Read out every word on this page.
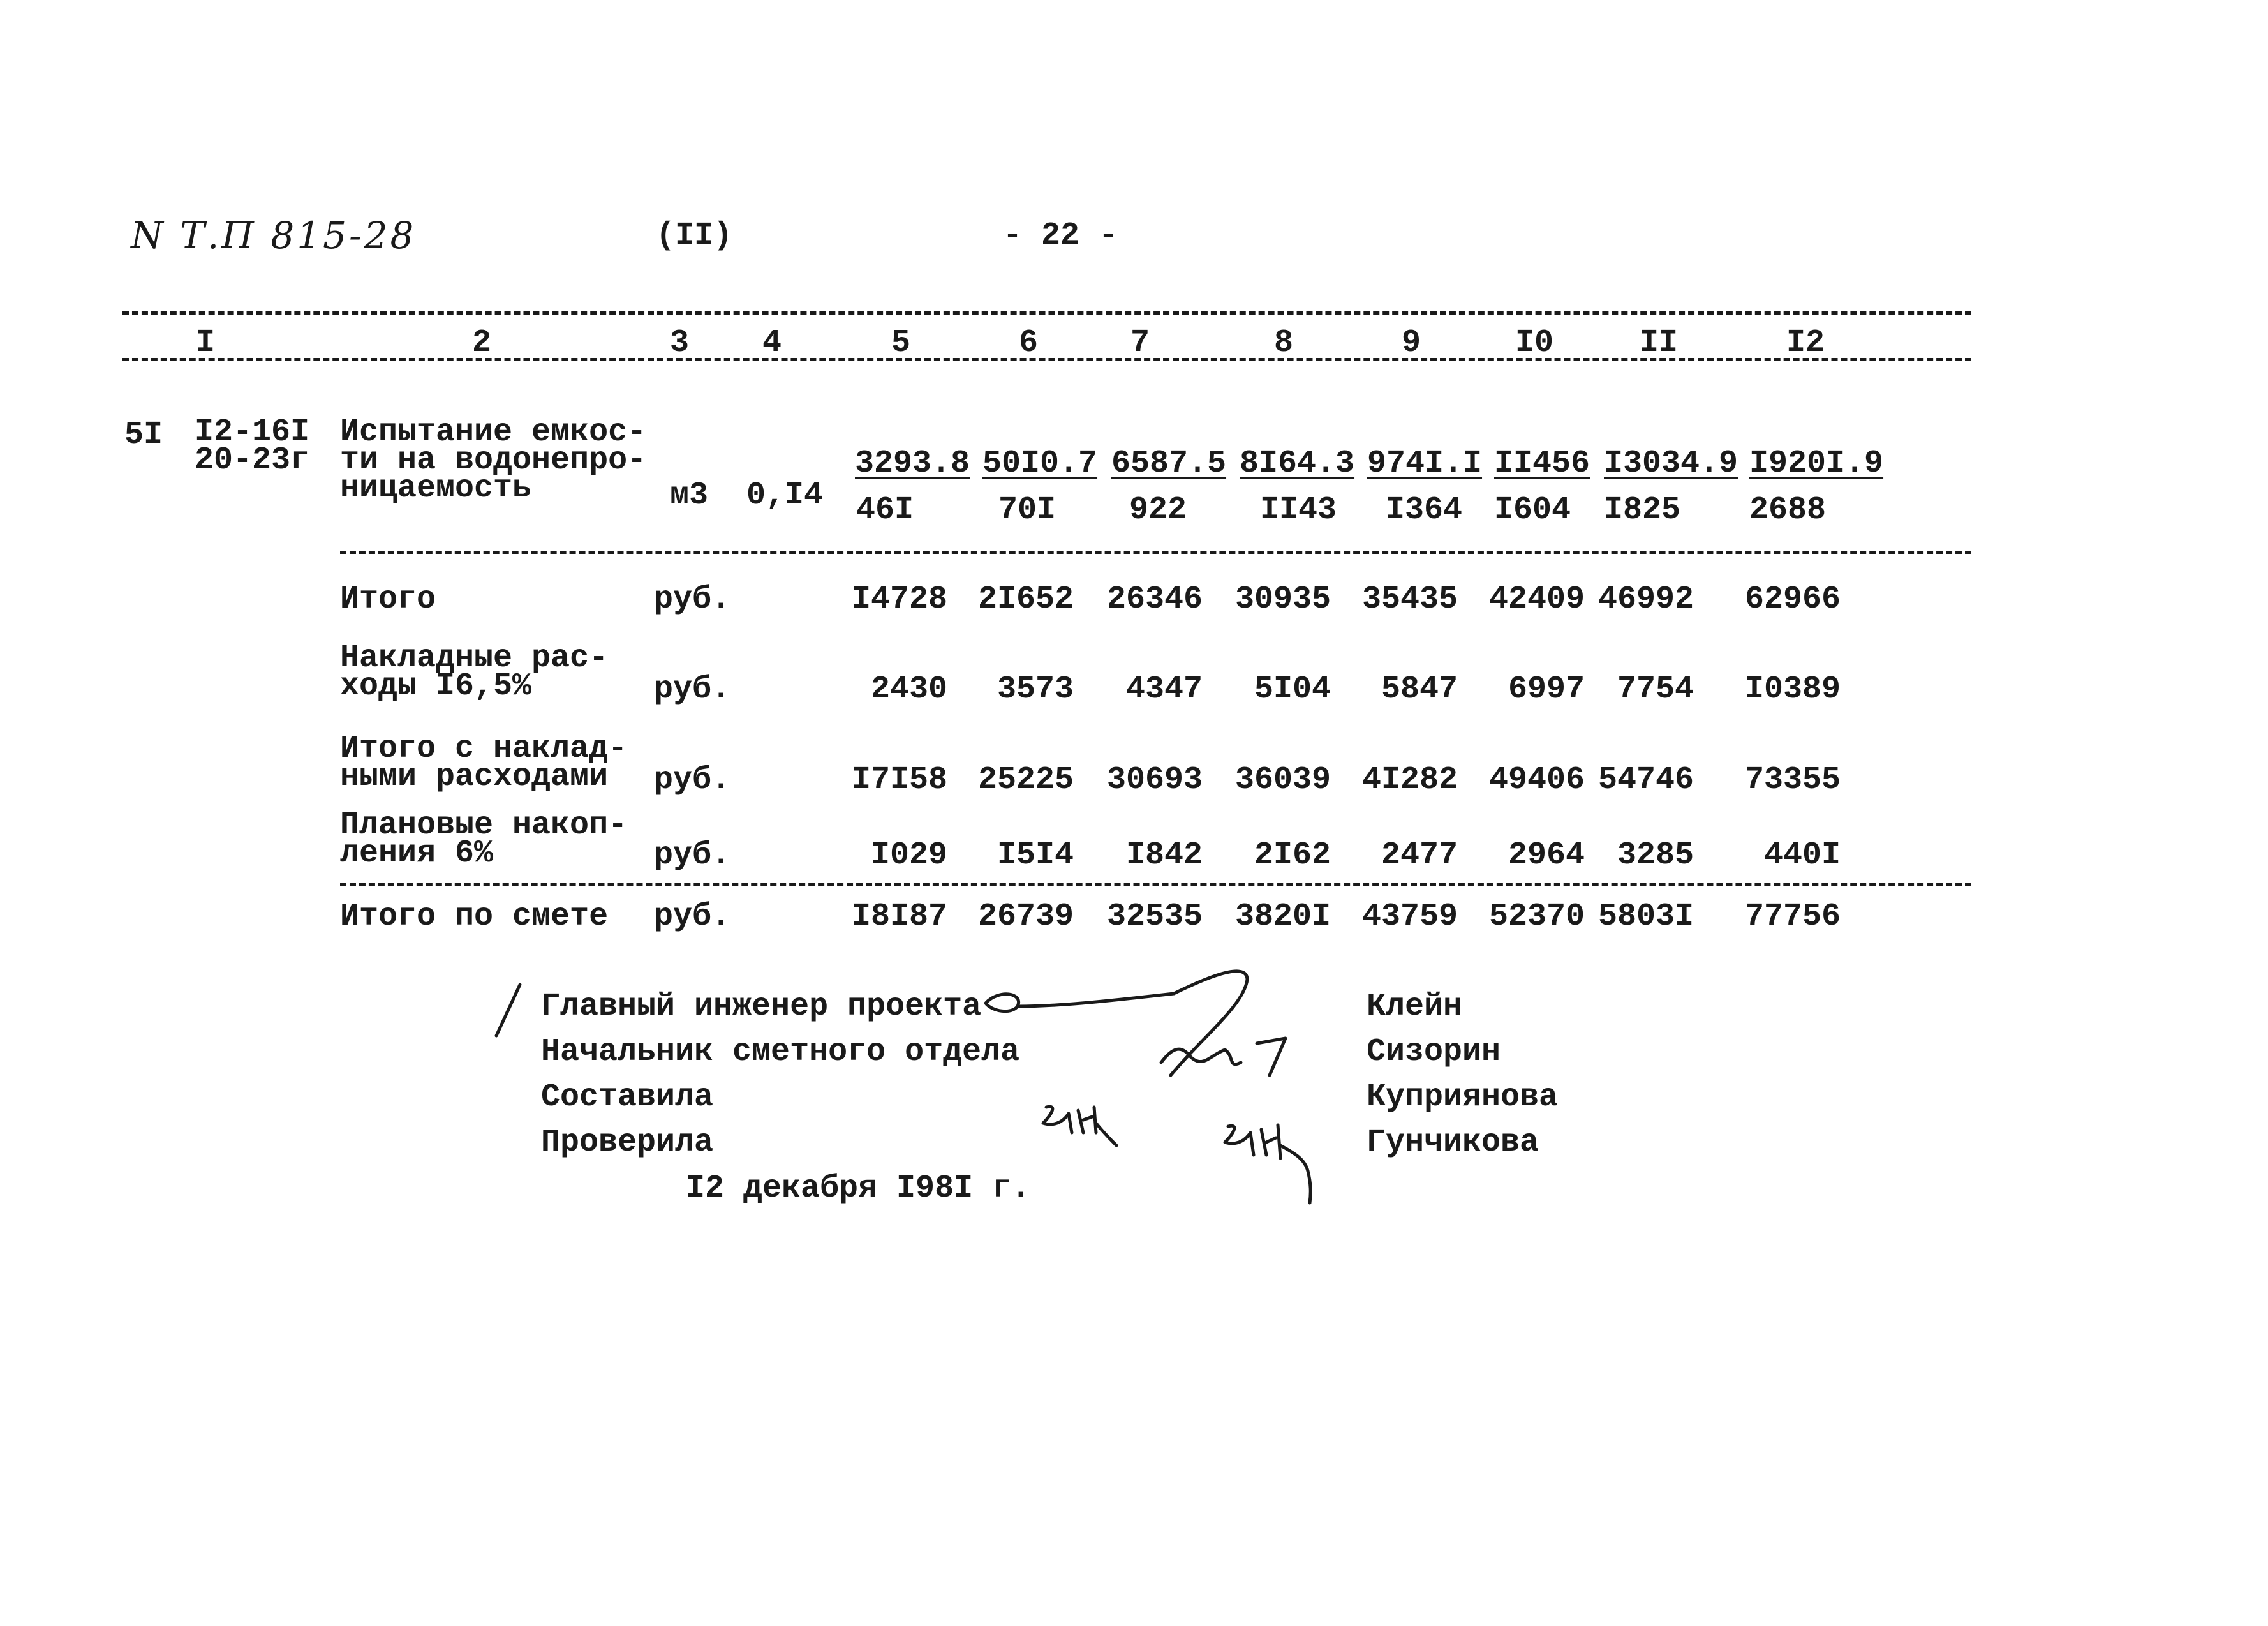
N Т.П 815-28	(II)	- 22 -
I	2	3 4	5	6	7	8	9	I0	II	I2
5I I2-16I
20-23г
Испытание емкос-
ти на водонепро-
ницаемость	м3 0,I4
3293.8 50I0.7 6587.5 8I64.3 974I.I II456 I3034.9 I920I.9
46I	70I 922 II43 I364 I604 I825 2688
Итого	руб.	I4728 2I652 26346 30935 35435 42409 46992 62966
Накладные рас-
ходы I6,5%	руб.	2430 3573 4347 5I04 5847 6997 7754 I0389
Итого с наклад-
ными расходами	руб.	I7I58 25225 30693 36039 4I282 49406 54746 73355
Плановые накоп-
ления 6%	руб.	I029 I5I4 I842 2I62 2477 2964 3285 440I
Итого по смете руб.	I8I87 26739 32535 3820I 43759 52370 5803I 77756
Главный инженер проекта
Начальник сметного отдела
Составила
Проверила
Клейн
Сизорин
Куприянова
Гунчикова
I2 декабря I98I г.
